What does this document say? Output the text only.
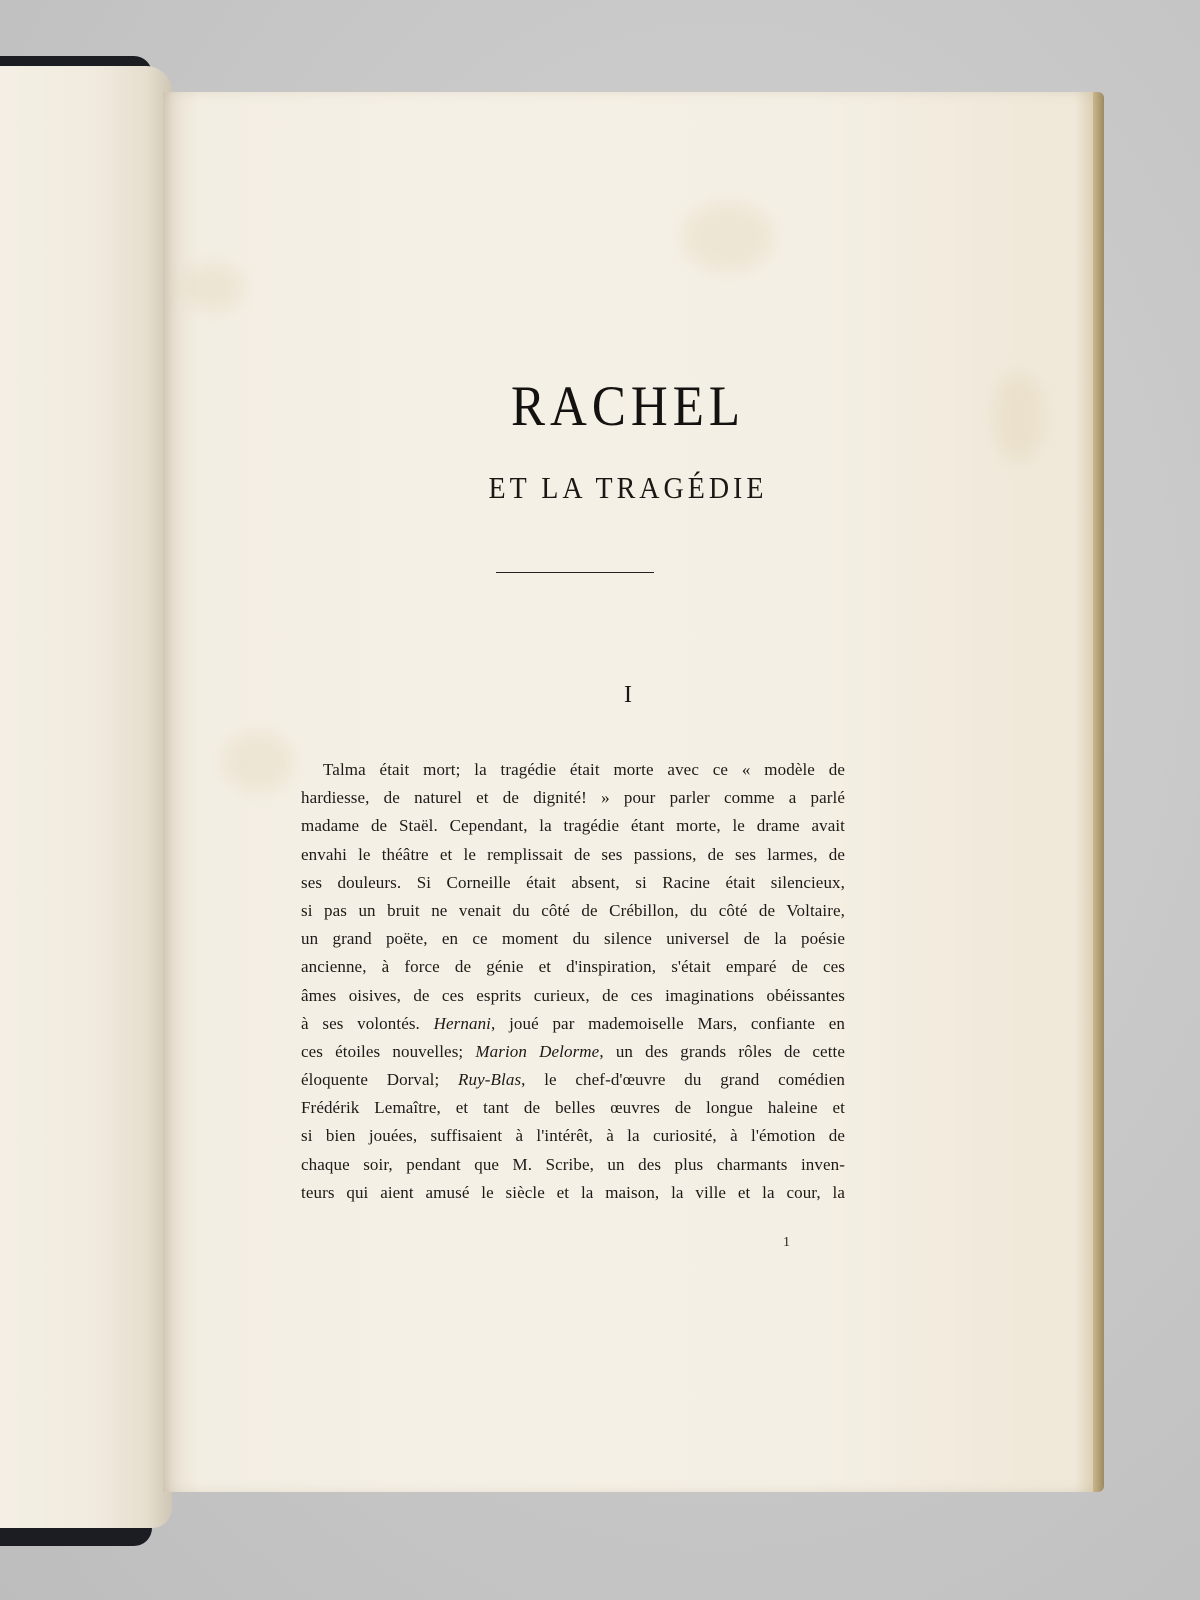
RACHEL
ET LA TRAGÉDIE
I
Talma était mort; la tragédie était morte avec ce « modèle de
hardiesse, de naturel et de dignité! » pour parler comme a parlé
madame de Staël. Cependant, la tragédie étant morte, le drame avait
envahi le théâtre et le remplissait de ses passions, de ses larmes, de
ses douleurs. Si Corneille était absent, si Racine était silencieux,
si pas un bruit ne venait du côté de Crébillon, du côté de Voltaire,
un grand poëte, en ce moment du silence universel de la poésie
ancienne, à force de génie et d'inspiration, s'était emparé de ces
âmes oisives, de ces esprits curieux, de ces imaginations obéissantes
à ses volontés. Hernani, joué par mademoiselle Mars, confiante en
ces étoiles nouvelles; Marion Delorme, un des grands rôles de cette
éloquente Dorval; Ruy-Blas, le chef-d'œuvre du grand comédien
Frédérik Lemaître, et tant de belles œuvres de longue haleine et
si bien jouées, suffisaient à l'intérêt, à la curiosité, à l'émotion de
chaque soir, pendant que M. Scribe, un des plus charmants inven-
teurs qui aient amusé le siècle et la maison, la ville et la cour, la
1
